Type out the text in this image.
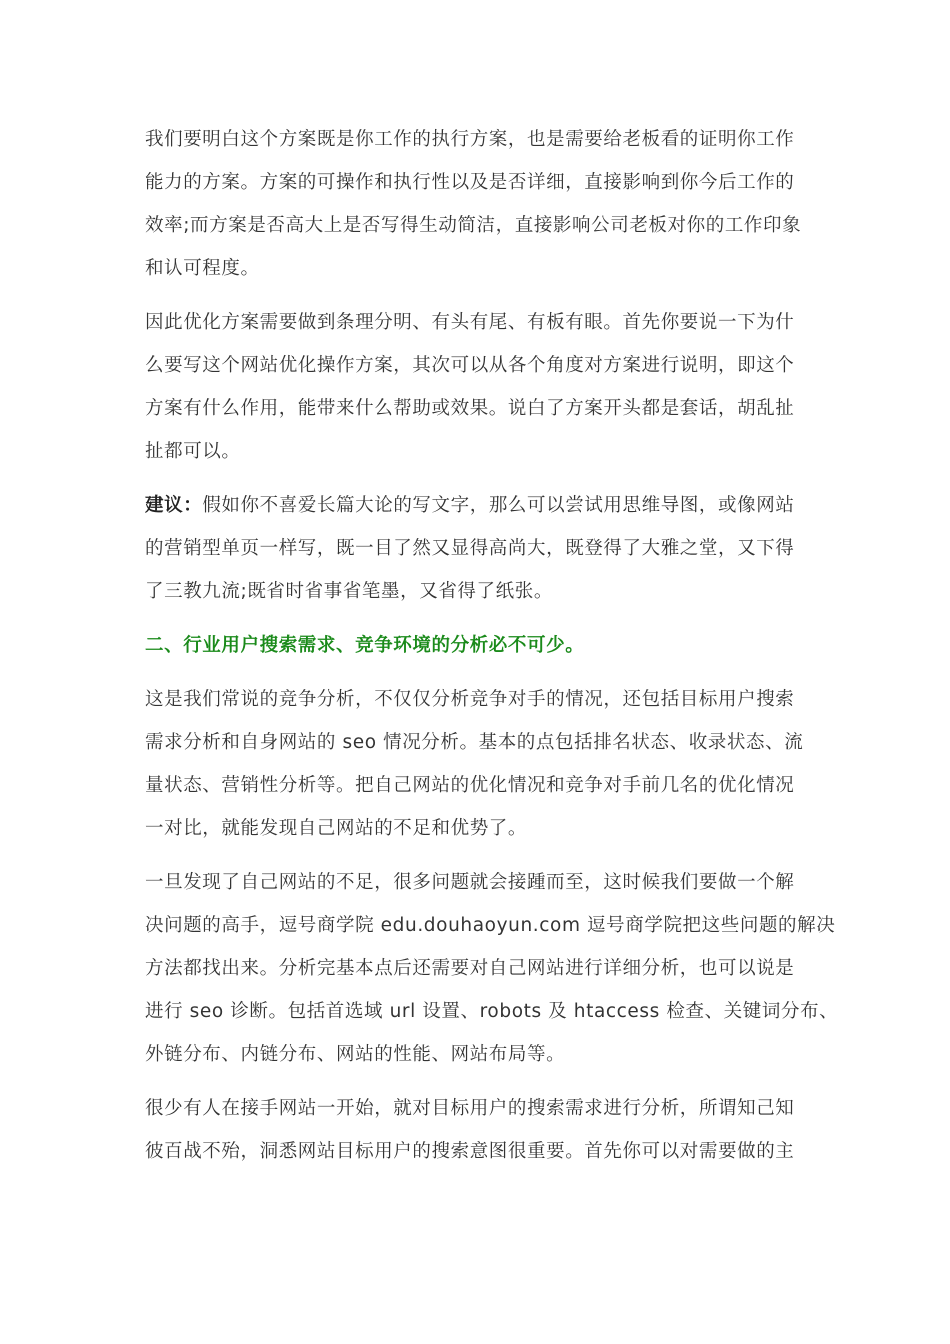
我们要明白这个方案既是你工作的执行方案，也是需要给老板看的证明你工作
能力的方案。方案的可操作和执行性以及是否详细，直接影响到你今后工作的
效率;而方案是否高大上是否写得生动简洁，直接影响公司老板对你的工作印象
和认可程度。
因此优化方案需要做到条理分明、有头有尾、有板有眼。首先你要说一下为什
么要写这个网站优化操作方案，其次可以从各个角度对方案进行说明，即这个
方案有什么作用，能带来什么帮助或效果。说白了方案开头都是套话，胡乱扯
扯都可以。
建议：假如你不喜爱长篇大论的写文字，那么可以尝试用思维导图，或像网站
的营销型单页一样写，既一目了然又显得高尚大，既登得了大雅之堂，又下得
了三教九流;既省时省事省笔墨，又省得了纸张。
二、行业用户搜索需求、竞争环境的分析必不可少。
这是我们常说的竞争分析，不仅仅分析竞争对手的情况，还包括目标用户搜索
需求分析和自身网站的 seo 情况分析。基本的点包括排名状态、收录状态、流
量状态、营销性分析等。把自己网站的优化情况和竞争对手前几名的优化情况
一对比，就能发现自己网站的不足和优势了。
一旦发现了自己网站的不足，很多问题就会接踵而至，这时候我们要做一个解
决问题的高手，逗号商学院 edu.douhaoyun.com 逗号商学院把这些问题的解决
方法都找出来。分析完基本点后还需要对自己网站进行详细分析，也可以说是
进行 seo 诊断。包括首选域 url 设置、robots 及 htaccess 检查、关键词分布、
外链分布、内链分布、网站的性能、网站布局等。
很少有人在接手网站一开始，就对目标用户的搜索需求进行分析，所谓知己知
彼百战不殆，洞悉网站目标用户的搜索意图很重要。首先你可以对需要做的主
